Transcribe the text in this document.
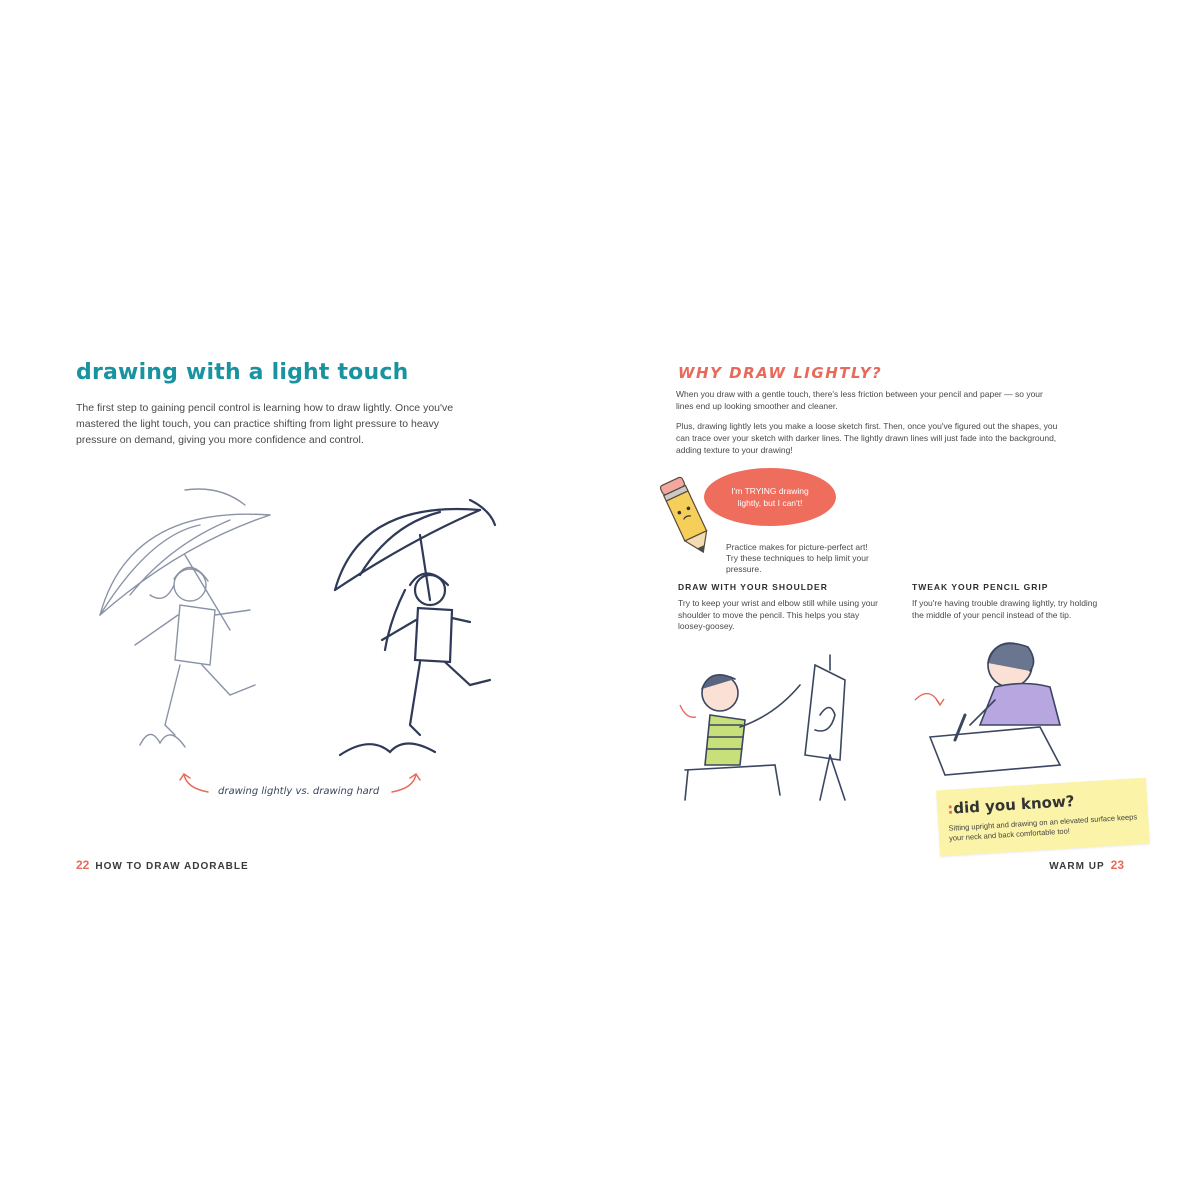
drawing with a light touch
The first step to gaining pencil control is learning how to draw lightly. Once you've mastered the light touch, you can practice shifting from light pressure to heavy pressure on demand, giving you more confidence and control.
drawing lightly vs. drawing hard
22 HOW TO DRAW ADORABLE
WHY DRAW LIGHTLY?
When you draw with a gentle touch, there's less friction between your pencil and paper — so your lines end up looking smoother and cleaner.
Plus, drawing lightly lets you make a loose sketch first. Then, once you've figured out the shapes, you can trace over your sketch with darker lines. The lightly drawn lines will just fade into the background, adding texture to your drawing!
I'm TRYING drawing lightly, but I can't!
Practice makes for picture-perfect art! Try these techniques to help limit your pressure.
DRAW WITH YOUR SHOULDER
Try to keep your wrist and elbow still while using your shoulder to move the pencil. This helps you stay loosey-goosey.
TWEAK YOUR PENCIL GRIP
If you're having trouble drawing lightly, try holding the middle of your pencil instead of the tip.
:did you know?
Sitting upright and drawing on an elevated surface keeps your neck and back comfortable too!
WARM UP 23
